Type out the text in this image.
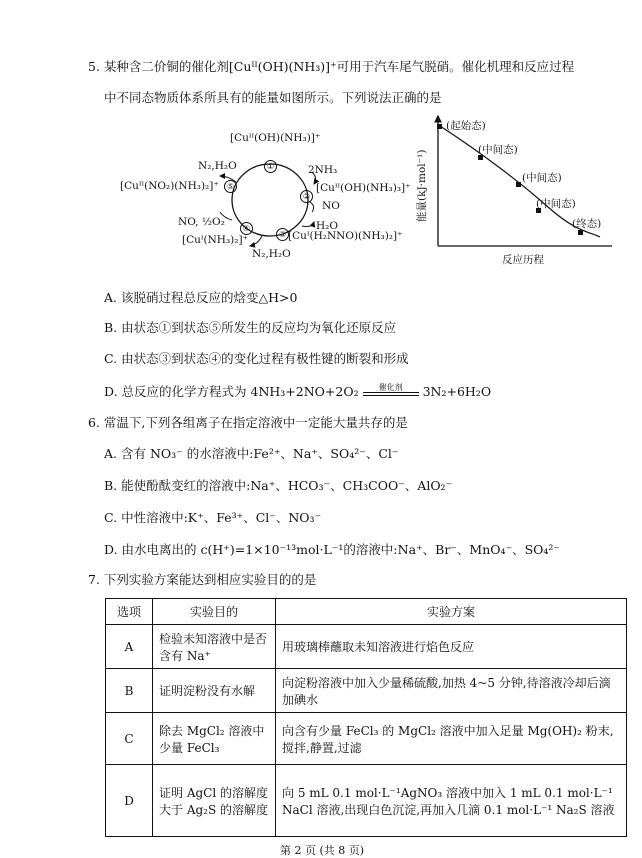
5. 某种含二价铜的催化剂[Cuᴵᴵ(OH)(NH₃)]⁺可用于汽车尾气脱硝。催化机理和反应过程
中不同态物质体系所具有的能量如图所示。下列说法正确的是
[Cuᴵᴵ(OH)(NH₃)]⁺
①	2NH₃
[Cuᴵᴵ(OH)(NH₃)₃]⁺
②
NO
H₂O
[Cuᴵ(H₂NNO)(NH₃)₂]⁺
③
N₂,H₂O
[Cuᴵ(NH₃)₂]⁺
④
NO, ½O₂
[Cuᴵᴵ(NO₂)(NH₃)₂]⁺	⑤
N₂,H₂O	能量(kJ·mol⁻¹)
反应历程
(起始态)
(中间态)
(中间态)
(中间态)
(终态)
A. 该脱硝过程总反应的焓变△H>0
B. 由状态①到状态⑤所发生的反应均为氧化还原反应
C. 由状态③到状态④的变化过程有极性键的断裂和形成
D. 总反应的化学方程式为 4NH₃+2NO+2O₂	催化剂	3N₂+6H₂O
6. 常温下,下列各组离子在指定溶液中一定能大量共存的是
A. 含有 NO₃⁻ 的水溶液中:Fe²⁺、Na⁺、SO₄²⁻、Cl⁻
B. 能使酚酞变红的溶液中:Na⁺、HCO₃⁻、CH₃COO⁻、AlO₂⁻
C. 中性溶液中:K⁺、Fe³⁺、Cl⁻、NO₃⁻
D. 由水电离出的 c(H⁺)=1×10⁻¹³mol·L⁻¹的溶液中:Na⁺、Br⁻、MnO₄⁻、SO₄²⁻
7. 下列实验方案能达到相应实验目的的是
选项	实验目的	实验方案
A	检验未知溶液中是否含有 Na⁺	用玻璃棒蘸取未知溶液进行焰色反应
B	证明淀粉没有水解	向淀粉溶液中加入少量稀硫酸,加热 4~5 分钟,待溶液冷却后滴加碘水
C	除去 MgCl₂ 溶液中少量 FeCl₃	向含有少量 FeCl₃ 的 MgCl₂ 溶液中加入足量 Mg(OH)₂ 粉末,搅拌,静置,过滤
D	证明 AgCl 的溶解度大于 Ag₂S 的溶解度	向 5 mL 0.1 mol·L⁻¹AgNO₃ 溶液中加入 1 mL 0.1 mol·L⁻¹ NaCl 溶液,出现白色沉淀,再加入几滴 0.1 mol·L⁻¹ Na₂S 溶液
第 2 页 (共 8 页)
